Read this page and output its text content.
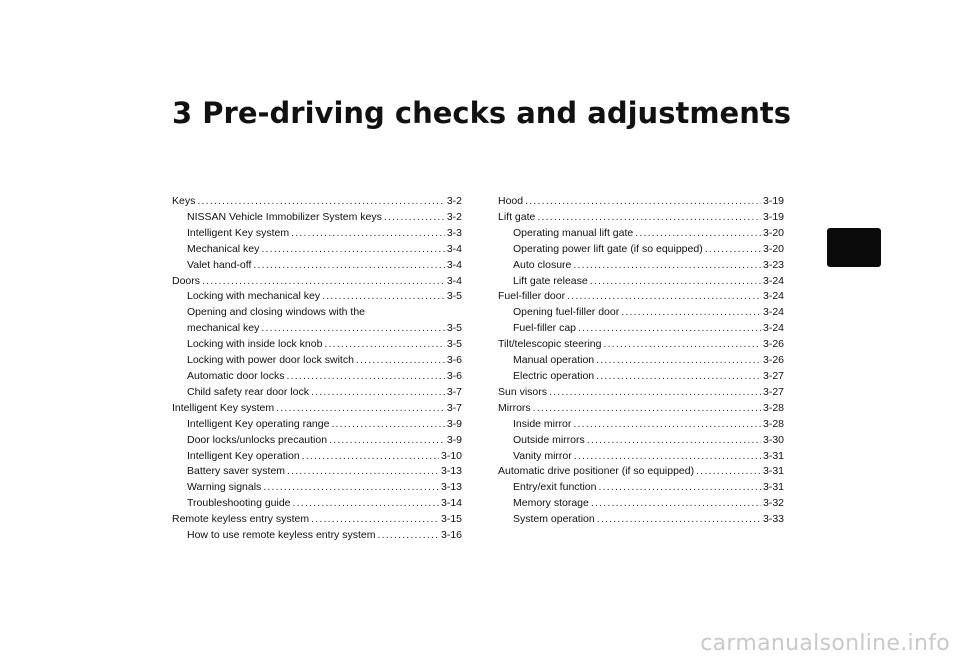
3 Pre-driving checks and adjustments
Keys .....	3-2
NISSAN Vehicle Immobilizer System keys .....	3-2
Intelligent Key system .....	3-3
Mechanical key .....	3-4
Valet hand-off .....	3-4
Doors .....	3-4
Locking with mechanical key .....	3-5
Opening and closing windows with the
mechanical key .....	3-5
Locking with inside lock knob .....	3-5
Locking with power door lock switch .....	3-6
Automatic door locks .....	3-6
Child safety rear door lock .....	3-7
Intelligent Key system .....	3-7
Intelligent Key operating range .....	3-9
Door locks/unlocks precaution .....	3-9
Intelligent Key operation .....	3-10
Battery saver system .....	3-13
Warning signals .....	3-13
Troubleshooting guide .....	3-14
Remote keyless entry system .....	3-15
How to use remote keyless entry system .....	3-16
Hood .....	3-19
Lift gate .....	3-19
Operating manual lift gate .....	3-20
Operating power lift gate (if so equipped) .....	3-20
Auto closure .....	3-23
Lift gate release .....	3-24
Fuel-filler door .....	3-24
Opening fuel-filler door .....	3-24
Fuel-filler cap .....	3-24
Tilt/telescopic steering .....	3-26
Manual operation .....	3-26
Electric operation .....	3-27
Sun visors .....	3-27
Mirrors .....	3-28
Inside mirror .....	3-28
Outside mirrors .....	3-30
Vanity mirror .....	3-31
Automatic drive positioner (if so equipped) .....	3-31
Entry/exit function .....	3-31
Memory storage .....	3-32
System operation .....	3-33
carmanualsonline.info
